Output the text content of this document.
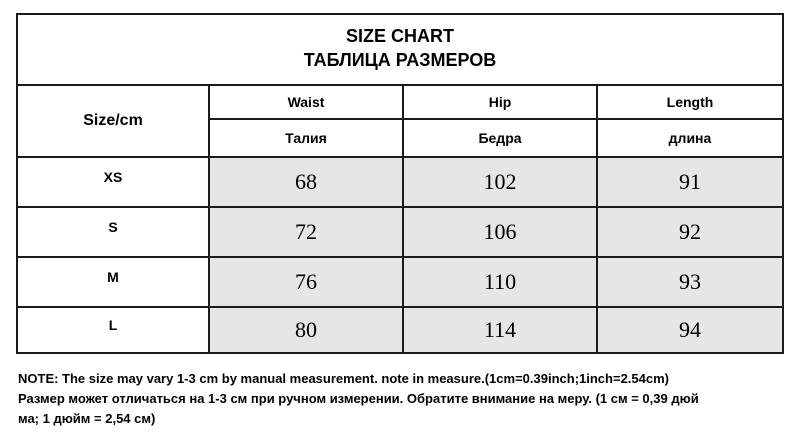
SIZE CHART
ТАБЛИЦА РАЗМЕРОВ
Size/cm
Waist	Hip	Length
Талия	Бедра	длина
XS	68	102	91
S	72	106	92
M	76	110	93
L	80	114	94
NOTE: The size may vary 1-3 cm by manual measurement. note in measure.(1cm=0.39inch;1inch=2.54cm)
Размер может отличаться на 1-3 см при ручном измерении. Обратите внимание на меру. (1 см = 0,39 дюй
ма; 1 дюйм = 2,54 см)
